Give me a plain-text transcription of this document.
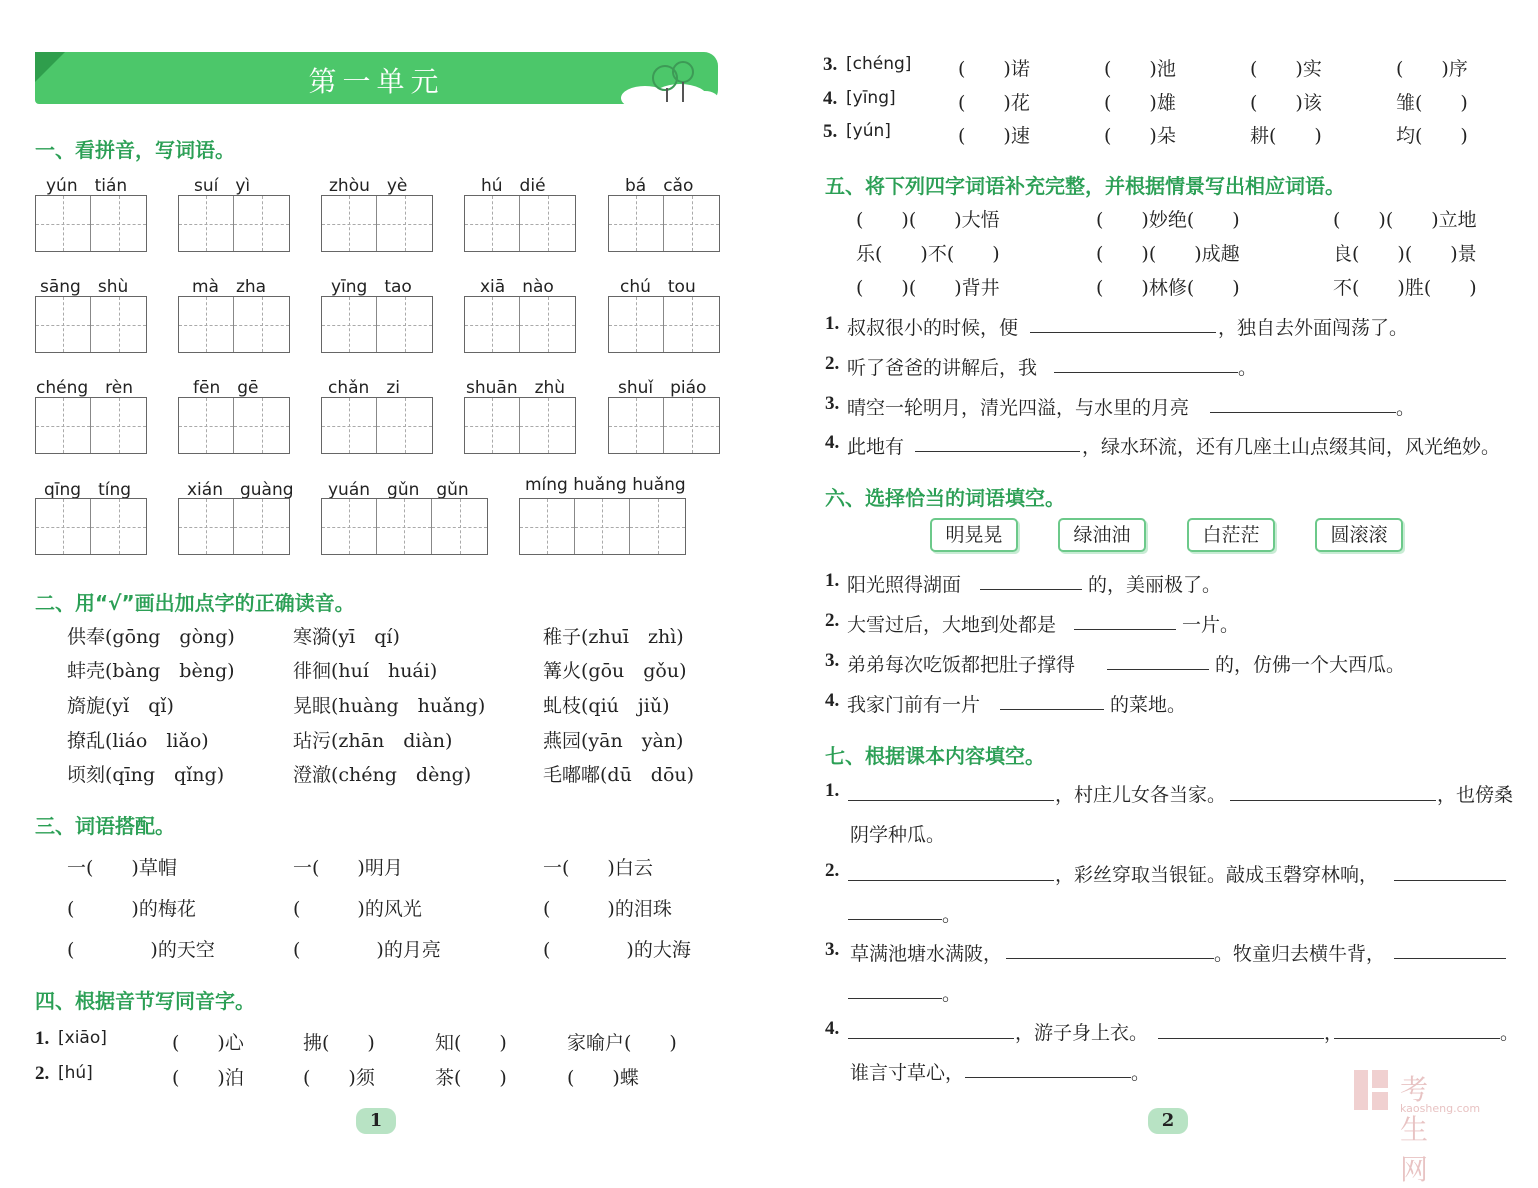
第一单元
一、看拼音，写词语。
yún　tián	suí　yì	zhòu　yè	hú　dié	bá　cǎo
sāng　shù	mà　zha	yīng　tao	xiā　nào	chú　tou
chéng　rèn	fēn　gē	chǎn　zi	shuān　zhù	shuǐ　piáo
qīng　tíng	xián　guàng yuán　gǔn　gǔn	míng huǎng huǎng
二、用“√”画出加点字的正确读音。
供奉(gōng　gòng)	寒漪(yī　qí)	稚子(zhuī　zhì)
蚌壳(bàng　bèng)	徘徊(huí　huái)	篝火(gōu　gǒu)
旖旎(yǐ　qǐ)	晃眼(huàng　huǎng)	虬枝(qiú　jiǔ)
撩乱(liáo　liǎo)	玷污(zhān　diàn)	燕园(yān　yàn)
顷刻(qīng　qǐng)	澄澈(chéng　dèng)	毛嘟嘟(dū　dōu)
三、词语搭配。
一(　　)草帽	一(　　)明月	一(　　)白云
(　　　)的梅花	(　　　)的风光	(　　　)的泪珠
(　　　　)的天空	(　　　　)的月亮	(　　　　)的大海
四、根据音节写同音字。
1. [xiāo]	(　　)心	拂(　　)	知(　　)	家喻户(　　)
2. [hú]	(　　)泊	(　　)须	茶(　　)	(　　)蝶
1
3. [chéng] (　　)诺	(　　)池	(　　)实	(　　)序
4. [yīng]	(　　)花	(　　)雄	(　　)该	雏(　　)
5. [yún]	(　　)速	(　　)朵	耕(　　)	均(　　)
五、将下列四字词语补充完整，并根据情景写出相应词语。
(　　)(　　)大悟	(　　)妙绝(　　)	(　　)(　　)立地
乐(　　)不(　　)	(　　)(　　)成趣	良(　　)(　　)景
(　　)(　　)背井	(　　)林修(　　)	不(　　)胜(　　)
1. 叔叔很小的时候，便	，独自去外面闯荡了。
2. 听了爸爸的讲解后，我	。
3. 晴空一轮明月，清光四溢，与水里的月亮	。
4. 此地有	，绿水环流，还有几座土山点缀其间，风光绝妙。
六、选择恰当的词语填空。
明晃晃	绿油油	白茫茫	圆滚滚
1. 阳光照得湖面	的，美丽极了。
2. 大雪过后，大地到处都是	一片。
3. 弟弟每次吃饭都把肚子撑得	的，仿佛一个大西瓜。
4. 我家门前有一片	的菜地。
七、根据课本内容填空。
1.	，村庄儿女各当家。	，也傍桑
阴学种瓜。
2.	，彩丝穿取当银钲。敲成玉磬穿林响，
。
3. 草满池塘水满陂，	。牧童归去横牛背，
。
4.	，游子身上衣。	，	。
谁言寸草心，	。
2
考生网
kaosheng.com
